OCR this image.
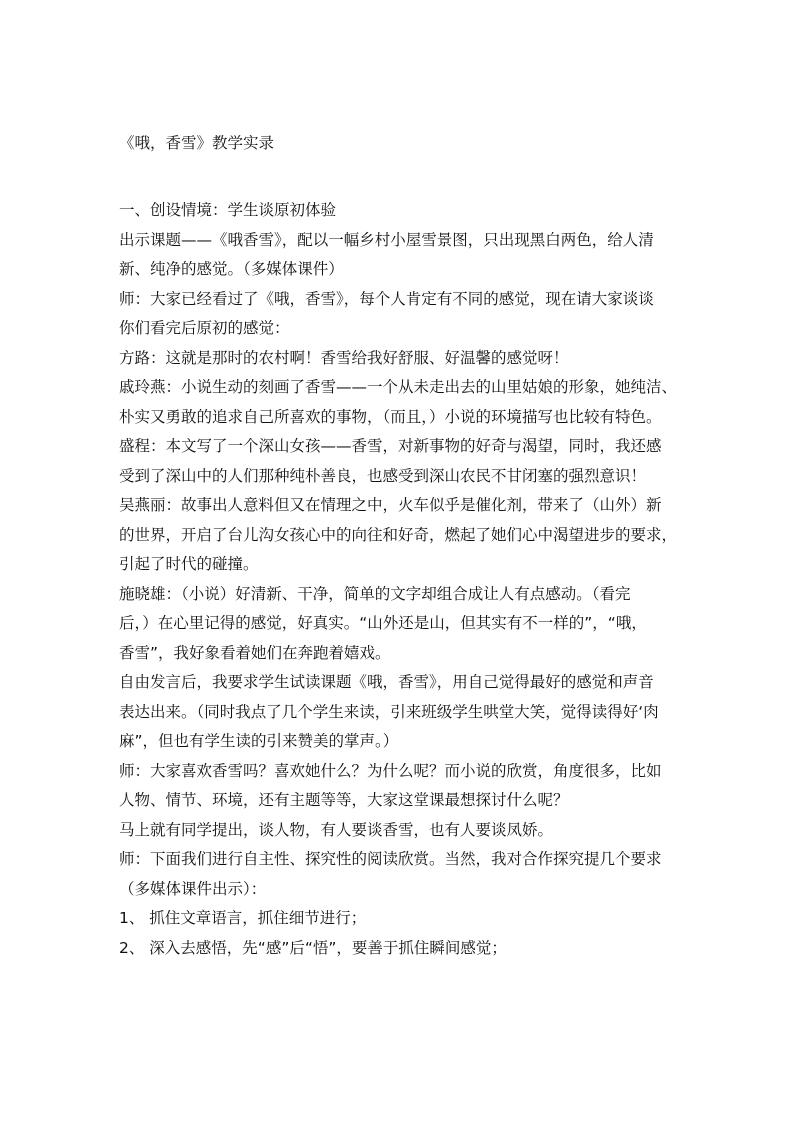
《哦，香雪》教学实录
一、创设情境：学生谈原初体验
出示课题——《哦香雪》，配以一幅乡村小屋雪景图，只出现黑白两色，给人清
新、纯净的感觉。（多媒体课件）
师：大家已经看过了《哦，香雪》，每个人肯定有不同的感觉，现在请大家谈谈
你们看完后原初的感觉：
方路：这就是那时的农村啊！香雪给我好舒服、好温馨的感觉呀！
戚玲燕：小说生动的刻画了香雪——一个从未走出去的山里姑娘的形象，她纯洁、
朴实又勇敢的追求自己所喜欢的事物，（而且，）小说的环境描写也比较有特色。
盛程：本文写了一个深山女孩——香雪，对新事物的好奇与渴望，同时，我还感
受到了深山中的人们那种纯朴善良，也感受到深山农民不甘闭塞的强烈意识！
吴燕丽：故事出人意料但又在情理之中，火车似乎是催化剂，带来了（山外）新
的世界，开启了台儿沟女孩心中的向往和好奇，燃起了她们心中渴望进步的要求，
引起了时代的碰撞。
施晓雄：（小说）好清新、干净，简单的文字却组合成让人有点感动。（看完
后，）在心里记得的感觉，好真实。“山外还是山，但其实有不一样的”，“哦，
香雪”，我好象看着她们在奔跑着嬉戏。
自由发言后，我要求学生试读课题《哦，香雪》，用自己觉得最好的感觉和声音
表达出来。（同时我点了几个学生来读，引来班级学生哄堂大笑，觉得读得好‘肉
麻”，但也有学生读的引来赞美的掌声。）
师：大家喜欢香雪吗？喜欢她什么？为什么呢？而小说的欣赏，角度很多，比如
人物、情节、环境，还有主题等等，大家这堂课最想探讨什么呢？
马上就有同学提出，谈人物，有人要谈香雪，也有人要谈凤娇。
师：下面我们进行自主性、探究性的阅读欣赏。当然，我对合作探究提几个要求
（多媒体课件出示）：
1、 抓住文章语言，抓住细节进行；
2、 深入去感悟，先“感”后“悟”，要善于抓住瞬间感觉；
